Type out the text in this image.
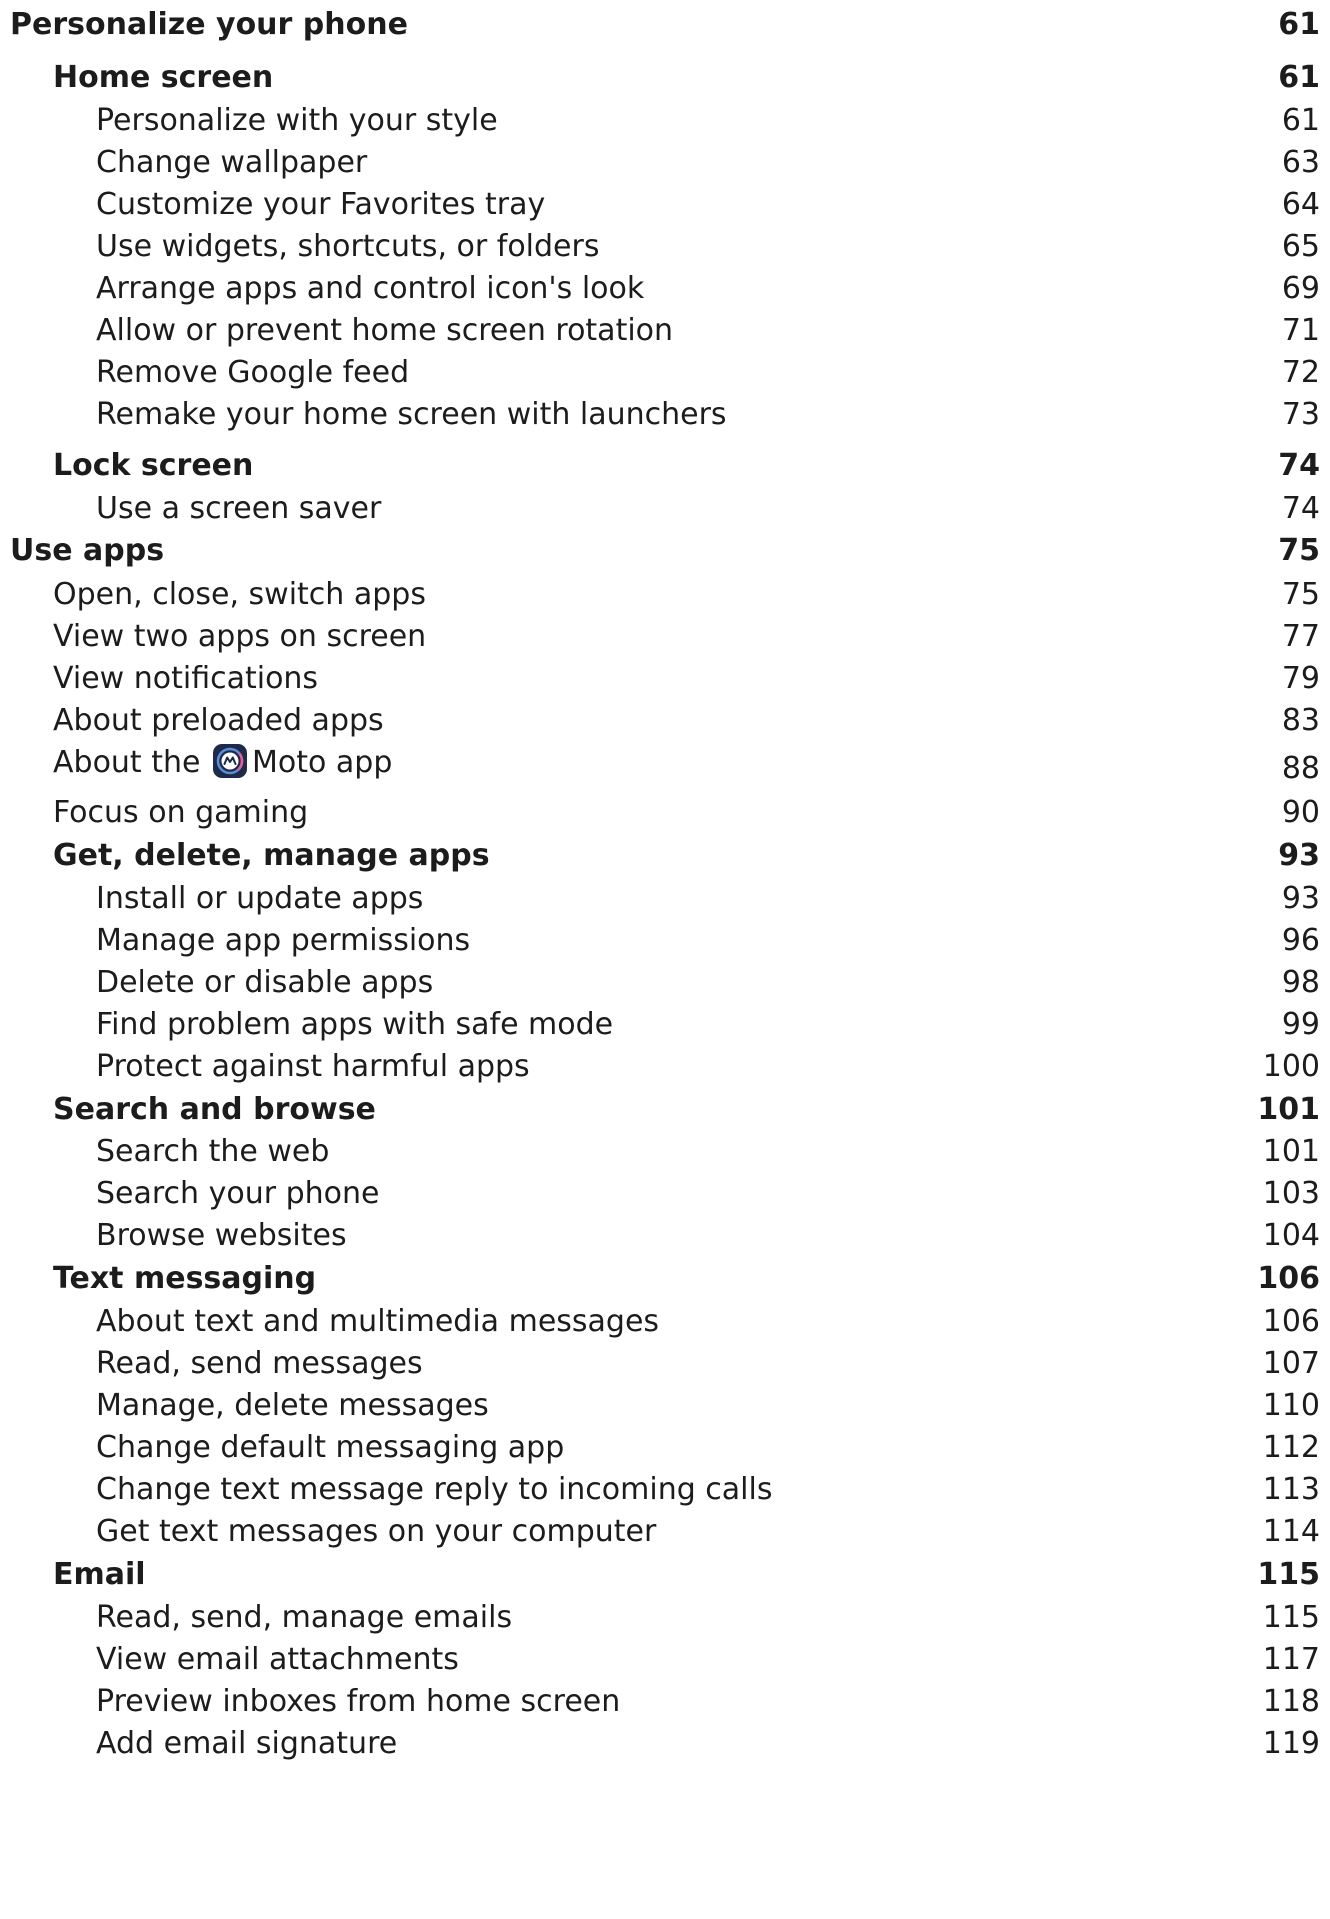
Personalize your phone	61
Home screen	61
Personalize with your style	61
Change wallpaper	63
Customize your Favorites tray	64
Use widgets, shortcuts, or folders	65
Arrange apps and control icon's look	69
Allow or prevent home screen rotation	71
Remove Google feed	72
Remake your home screen with launchers	73
Lock screen	74
Use a screen saver	74
Use apps	75
Open, close, switch apps	75
View two apps on screen	77
View notifications	79
About preloaded apps	83
About the Moto app	88
Focus on gaming	90
Get, delete, manage apps	93
Install or update apps	93
Manage app permissions	96
Delete or disable apps	98
Find problem apps with safe mode	99
Protect against harmful apps	100
Search and browse	101
Search the web	101
Search your phone	103
Browse websites	104
Text messaging	106
About text and multimedia messages	106
Read, send messages	107
Manage, delete messages	110
Change default messaging app	112
Change text message reply to incoming calls	113
Get text messages on your computer	114
Email	115
Read, send, manage emails	115
View email attachments	117
Preview inboxes from home screen	118
Add email signature	119
